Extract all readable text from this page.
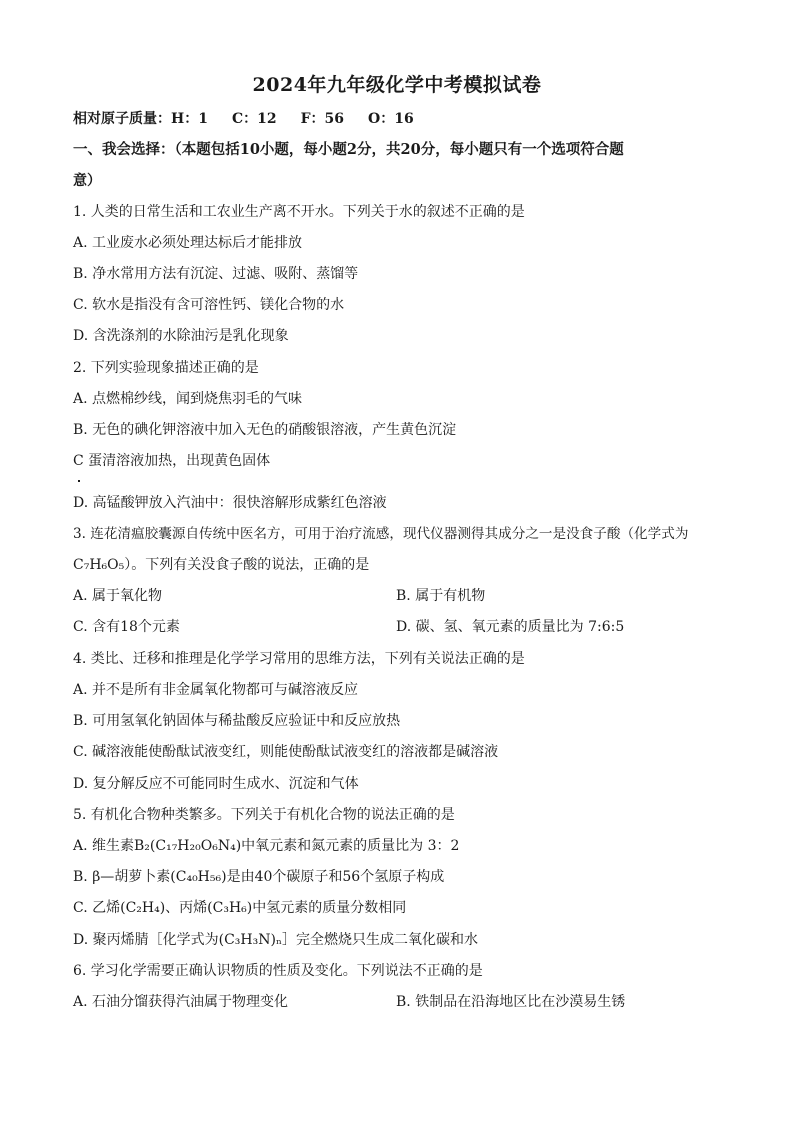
2024年九年级化学中考模拟试卷
相对原子质量：H：1 C：12 F：56 O：16
一、我会选择：（本题包括10小题，每小题2分，共20分，每小题只有一个选项符合题
意）
1. 人类的日常生活和工农业生产离不开水。下列关于水的叙述不正确的是
A. 工业废水必须处理达标后才能排放
B. 净水常用方法有沉淀、过滤、吸附、蒸馏等
C. 软水是指没有含可溶性钙、镁化合物的水
D. 含洗涤剂的水除油污是乳化现象
2. 下列实验现象描述正确的是
A. 点燃棉纱线，闻到烧焦羽毛的气味
B. 无色的碘化钾溶液中加入无色的硝酸银溶液，产生黄色沉淀
C 蛋清溶液加热，出现黄色固体
D. 高锰酸钾放入汽油中：很快溶解形成紫红色溶液
3. 连花清瘟胶囊源自传统中医名方，可用于治疗流感，现代仪器测得其成分之一是没食子酸（化学式为
C₇H₆O₅）。下列有关没食子酸的说法，正确的是
A. 属于氧化物	B. 属于有机物
C. 含有18个元素	D. 碳、氢、氧元素的质量比为 7:6:5
4. 类比、迁移和推理是化学学习常用的思维方法，下列有关说法正确的是
A. 并不是所有非金属氧化物都可与碱溶液反应
B. 可用氢氧化钠固体与稀盐酸反应验证中和反应放热
C. 碱溶液能使酚酞试液变红，则能使酚酞试液变红的溶液都是碱溶液
D. 复分解反应不可能同时生成水、沉淀和气体
5. 有机化合物种类繁多。下列关于有机化合物的说法正确的是
A. 维生素B₂(C₁₇H₂₀O₆N₄)中氧元素和氮元素的质量比为 3：2
B. β—胡萝卜素(C₄₀H₅₆)是由40个碳原子和56个氢原子构成
C. 乙烯(C₂H₄)、丙烯(C₃H₆)中氢元素的质量分数相同
D. 聚丙烯腈［化学式为(C₃H₃N)ₙ］完全燃烧只生成二氧化碳和水
6. 学习化学需要正确认识物质的性质及变化。下列说法不正确的是
A. 石油分馏获得汽油属于物理变化	B. 铁制品在沿海地区比在沙漠易生锈
